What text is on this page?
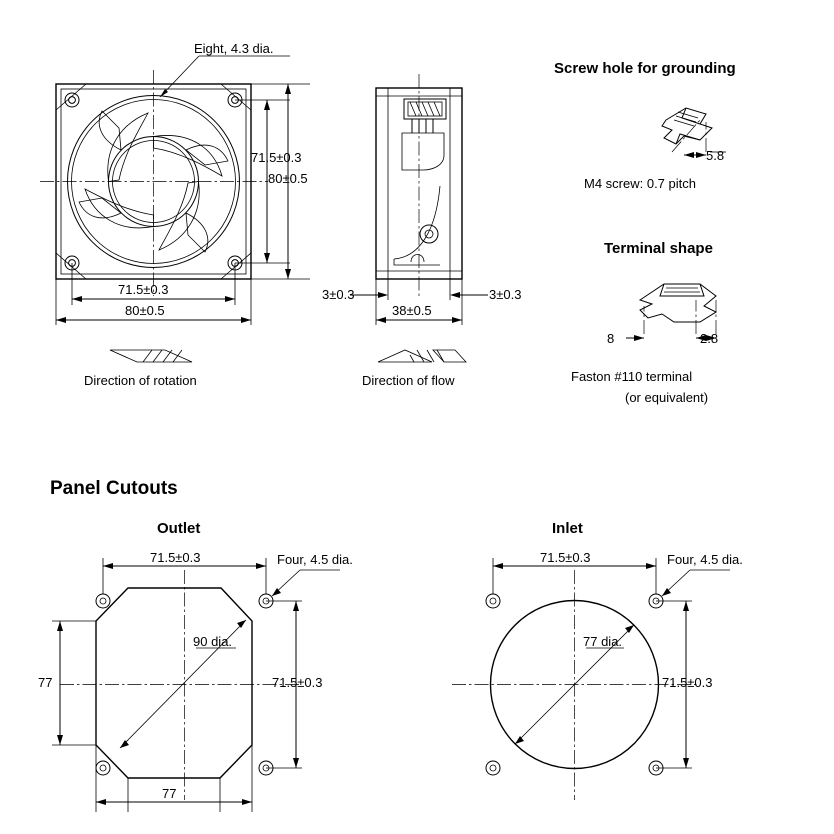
Eight, 4.3 dia.
71.5±0.3
80±0.5
71.5±0.3
80±0.5
Direction of rotation
3±0.3	3±0.3
38±0.5
Direction of flow
Screw hole for grounding
5.8
M4 screw: 0.7 pitch
Terminal shape
8	2.8
Faston #110 terminal
(or equivalent)
Panel Cutouts
Outlet	Inlet
71.5±0.3	Four, 4.5 dia.
90 dia.
77	71.5±0.3
77
71.5±0.3	Four, 4.5 dia.
77 dia.
71.5±0.3
